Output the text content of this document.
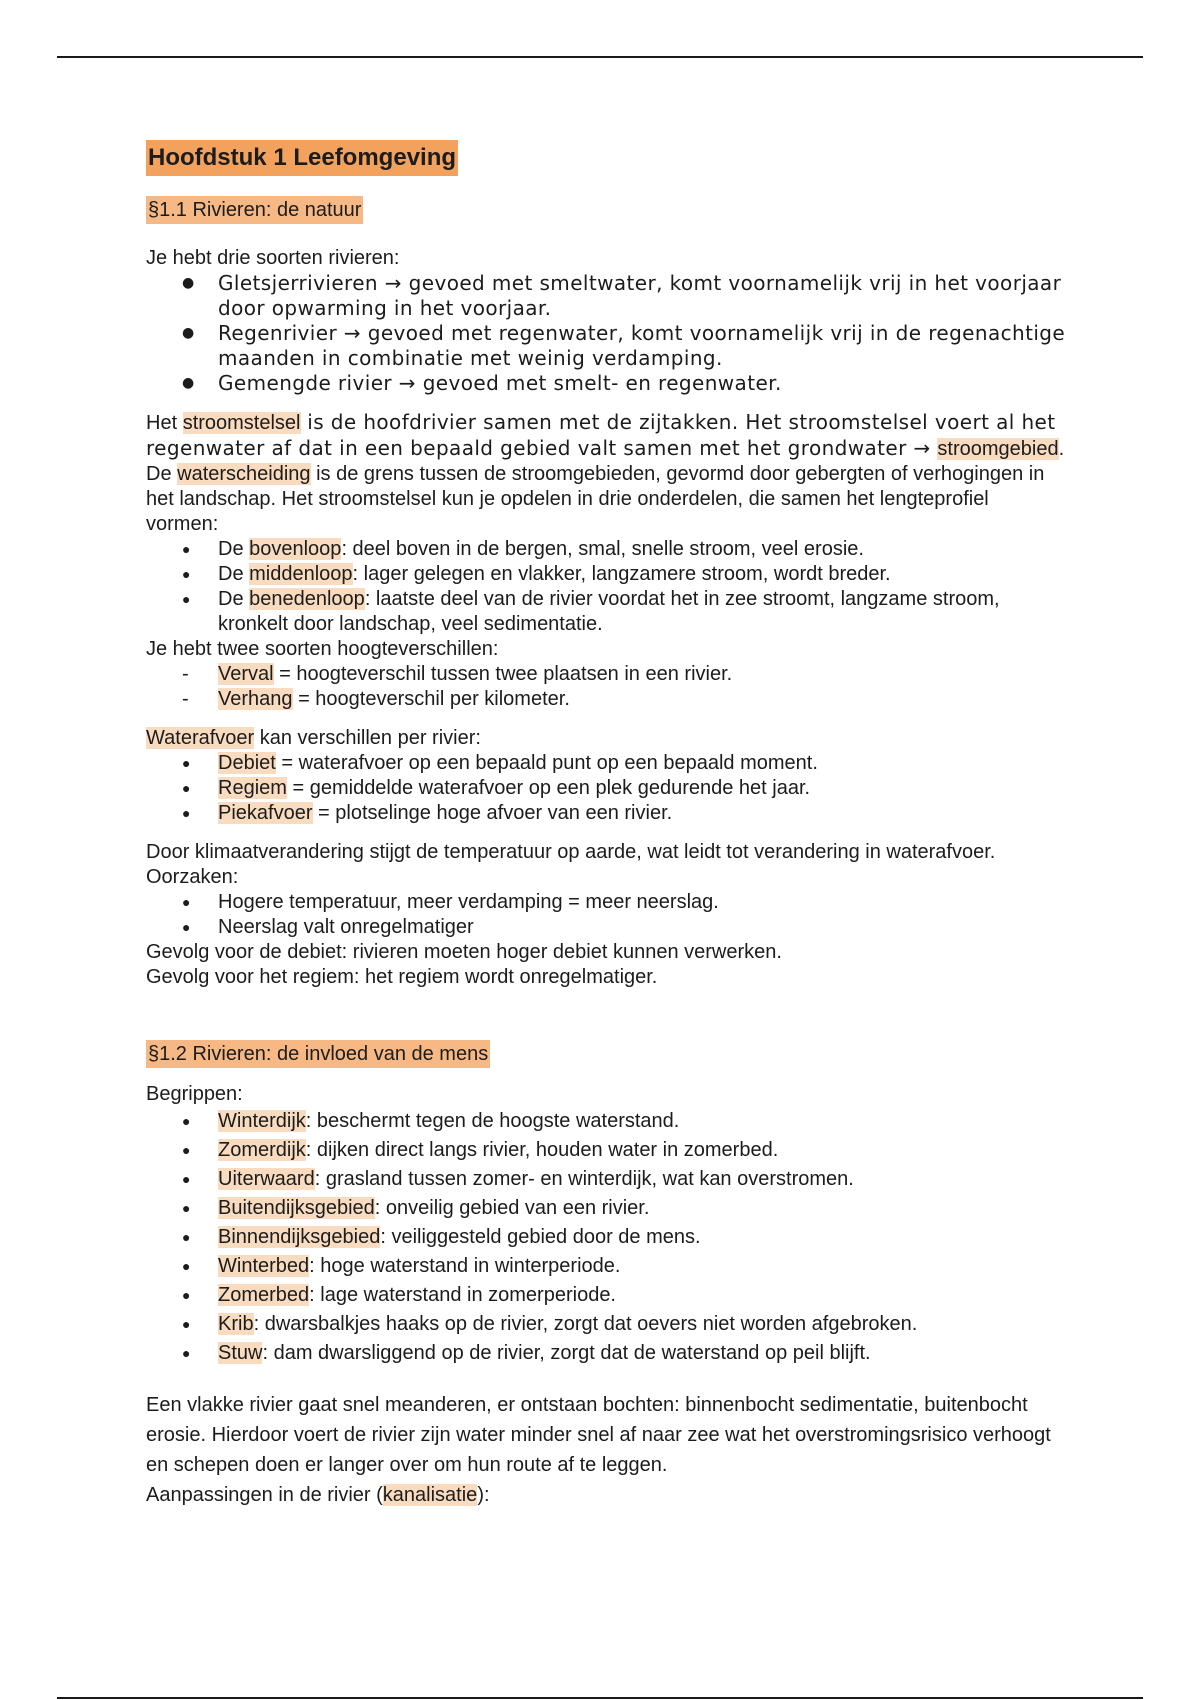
Hoofdstuk 1 Leefomgeving
§1.1 Rivieren: de natuur

Je hebt drie soorten rivieren:

● Gletsjerrivieren → gevoed met smeltwater, komt voornamelijk vrij in het voorjaar door opwarming in het voorjaar.
● Regenrivier → gevoed met regenwater, komt voornamelijk vrij in de regenachtige maanden in combinatie met weinig verdamping.
● Gemengde rivier → gevoed met smelt- en regenwater.

Het stroomstelsel is de hoofdrivier samen met de zijtakken. Het stroomstelsel voert al het regenwater af dat in een bepaald gebied valt samen met het grondwater → stroomgebied. De waterscheiding is de grens tussen de stroomgebieden, gevormd door gebergten of verhogingen in het landschap. Het stroomstelsel kun je opdelen in drie onderdelen, die samen het lengteprofiel vormen:

● De bovenloop: deel boven in de bergen, smal, snelle stroom, veel erosie.
● De middenloop: lager gelegen en vlakker, langzamere stroom, wordt breder.
● De benedenloop: laatste deel van de rivier voordat het in zee stroomt, langzame stroom, kronkelt door landschap, veel sedimentatie.

Je hebt twee soorten hoogteverschillen:

- Verval = hoogteverschil tussen twee plaatsen in een rivier.
- Verhang = hoogteverschil per kilometer.

Waterafvoer kan verschillen per rivier:

● Debiet = waterafvoer op een bepaald punt op een bepaald moment.
● Regiem = gemiddelde waterafvoer op een plek gedurende het jaar.
● Piekafvoer = plotselinge hoge afvoer van een rivier.

Door klimaatverandering stijgt de temperatuur op aarde, wat leidt tot verandering in waterafvoer. Oorzaken:

● Hogere temperatuur, meer verdamping = meer neerslag.
● Neerslag valt onregelmatiger

Gevolg voor de debiet: rivieren moeten hoger debiet kunnen verwerken.

Gevolg voor het regiem: het regiem wordt onregelmatiger.

§1.2 Rivieren: de invloed van de mens

Begrippen:

● Winterdijk: beschermt tegen de hoogste waterstand.
● Zomerdijk: dijken direct langs rivier, houden water in zomerbed.
● Uiterwaard: grasland tussen zomer- en winterdijk, wat kan overstromen.
● Buitendijksgebied: onveilig gebied van een rivier.
● Binnendijksgebied: veiliggesteld gebied door de mens.
● Winterbed: hoge waterstand in winterperiode.
● Zomerbed: lage waterstand in zomerperiode.
● Krib: dwarsbalkjes haaks op de rivier, zorgt dat oevers niet worden afgebroken.
● Stuw: dam dwarsliggend op de rivier, zorgt dat de waterstand op peil blijft.

Een vlakke rivier gaat snel meanderen, er ontstaan bochten: binnenbocht sedimentatie, buitenbocht erosie. Hierdoor voert de rivier zijn water minder snel af naar zee wat het overstromingsrisico verhoogt en schepen doen er langer over om hun route af te leggen.

Aanpassingen in de rivier (kanalisatie):
